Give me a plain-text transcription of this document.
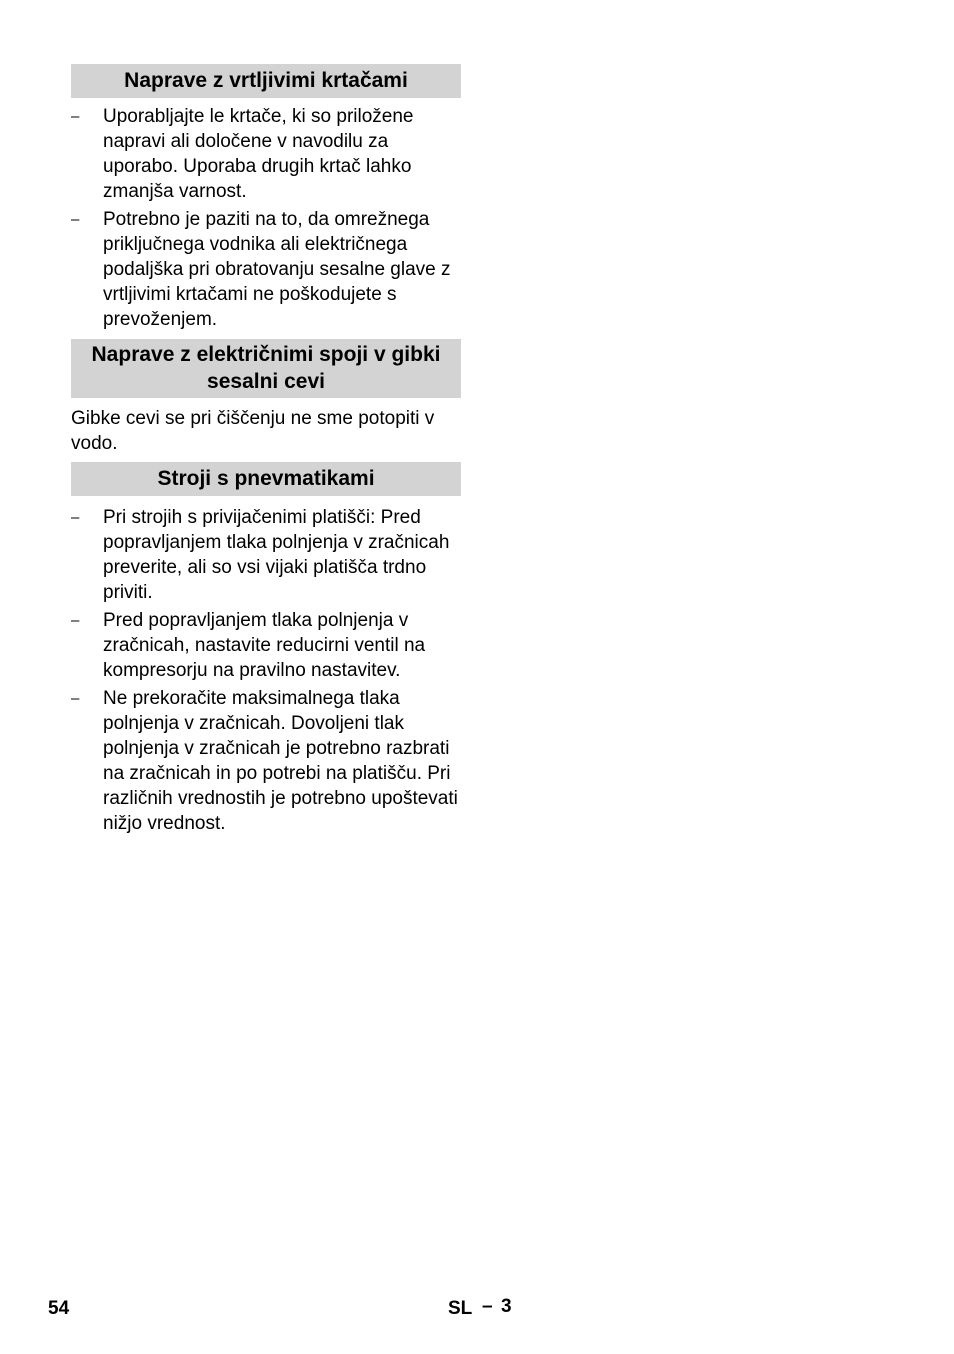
Naprave z vrtljivimi krtačami
–	Uporabljajte le krtače, ki so priložene napravi ali določene v navodilu za uporabo. Uporaba drugih krtač lahko zmanjša varnost.
–	Potrebno je paziti na to, da omrežnega priključnega vodnika ali električnega podaljška pri obratovanju sesalne glave z vrtljivimi krtačami ne poškodujete s prevoženjem.
Naprave z električnimi spoji v gibki sesalni cevi

Gibke cevi se pri čiščenju ne sme potopiti v vodo.

Stroji s pnevmatikami
–	Pri strojih s privijačenimi platišči: Pred popravljanjem tlaka polnjenja v zračnicah preverite, ali so vsi vijaki platišča trdno priviti.
–	Pred popravljanjem tlaka polnjenja v zračnicah, nastavite reducirni ventil na kompresorju na pravilno nastavitev.
–	Ne prekoračite maksimalnega tlaka polnjenja v zračnicah. Dovoljeni tlak polnjenja v zračnicah je potrebno razbrati na zračnicah in po potrebi na platišču. Pri različnih vrednostih je potrebno upoštevati nižjo vrednost.
54	SL – 3
